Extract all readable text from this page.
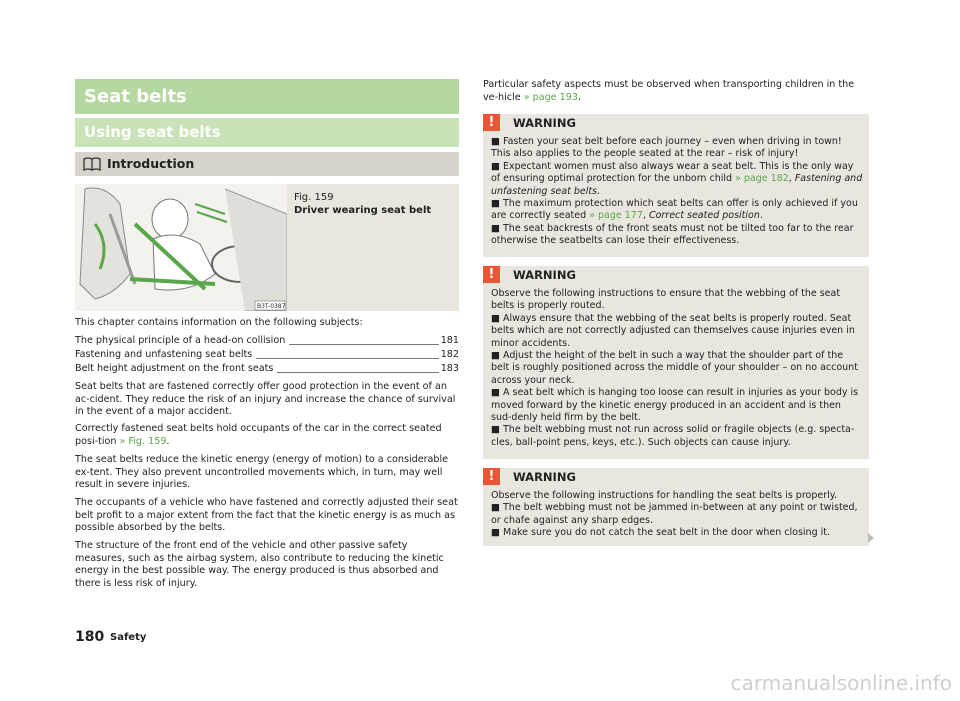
Seat belts
Using seat belts
Introduction
B3T-0387
Fig. 159
Driver wearing seat belt
This chapter contains information on the following subjects:
The physical principle of a head-on collision	181
Fastening and unfastening seat belts	182
Belt height adjustment on the front seats	183
Seat belts that are fastened correctly offer good protection in the event of an ac-cident. They reduce the risk of an injury and increase the chance of survival in the event of a major accident.
Correctly fastened seat belts hold occupants of the car in the correct seated posi-tion » Fig. 159.
The seat belts reduce the kinetic energy (energy of motion) to a considerable ex-tent. They also prevent uncontrolled movements which, in turn, may well result in severe injuries.
The occupants of a vehicle who have fastened and correctly adjusted their seat belt profit to a major extent from the fact that the kinetic energy is as much as possible absorbed by the belts.
The structure of the front end of the vehicle and other passive safety measures, such as the airbag system, also contribute to reducing the kinetic energy in the best possible way. The energy produced is thus absorbed and there is less risk of injury.
Particular safety aspects must be observed when transporting children in the ve-hicle » page 193.
!	WARNING
■ Fasten your seat belt before each journey – even when driving in town! This also applies to the people seated at the rear – risk of injury!
■ Expectant women must also always wear a seat belt. This is the only way of ensuring optimal protection for the unborn child » page 182, Fastening and unfastening seat belts.
■ The maximum protection which seat belts can offer is only achieved if you are correctly seated » page 177, Correct seated position.
■ The seat backrests of the front seats must not be tilted too far to the rear otherwise the seatbelts can lose their effectiveness.
!	WARNING
Observe the following instructions to ensure that the webbing of the seat belts is properly routed.
■ Always ensure that the webbing of the seat belts is properly routed. Seat belts which are not correctly adjusted can themselves cause injuries even in minor accidents.
■ Adjust the height of the belt in such a way that the shoulder part of the belt is roughly positioned across the middle of your shoulder – on no account across your neck.
■ A seat belt which is hanging too loose can result in injuries as your body is moved forward by the kinetic energy produced in an accident and is then sud-denly held firm by the belt.
■ The belt webbing must not run across solid or fragile objects (e.g. specta-cles, ball-point pens, keys, etc.). Such objects can cause injury.
!	WARNING
Observe the following instructions for handling the seat belts is properly.
■ The belt webbing must not be jammed in-between at any point or twisted, or chafe against any sharp edges.
■ Make sure you do not catch the seat belt in the door when closing it.
180 Safety
carmanualsonline.info
